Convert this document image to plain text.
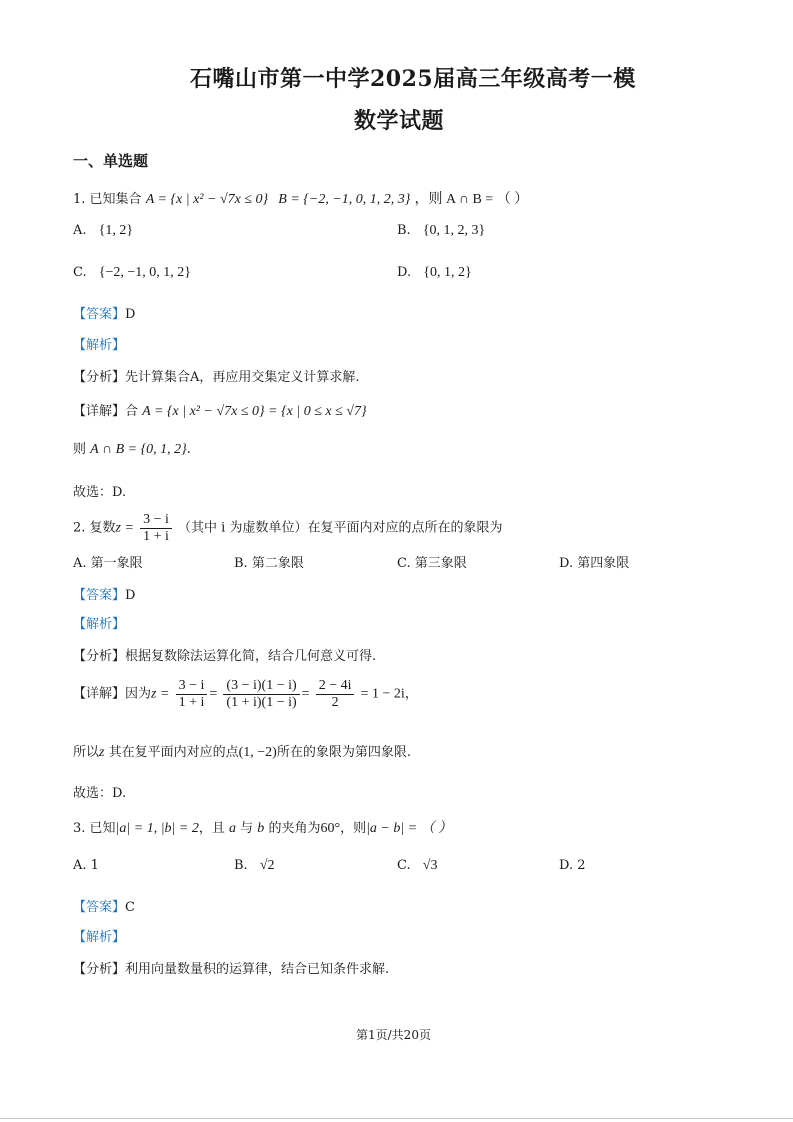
石嘴山市第一中学2025届高三年级高考一模
数学试题
一、单选题
1. 已知集合 A = {x | x² − √7x ≤ 0} B = {−2, −1, 0, 1, 2, 3} ，则 A ∩ B = （ ）
A. {1, 2}	B. {0, 1, 2, 3}
C. {−2, −1, 0, 1, 2}	D. {0, 1, 2}
【答案】D
【解析】
【分析】先计算集合A，再应用交集定义计算求解.
【详解】合 A = {x | x² − √7x ≤ 0} = {x | 0 ≤ x ≤ √7}
则 A ∩ B = {0, 1, 2}.
故选：D.
2. 复数$z = \frac{3 - i}{1 + i}$ （其中 i 为虚数单位）在复平面内对应的点所在的象限为
A. 第一象限	B. 第二象限	C. 第三象限	D. 第四象限
【答案】D
【解析】
【分析】根据复数除法运算化简，结合几何意义可得.
【详解】因为$z = \frac{3 - i}{1 + i} = \frac{(3 - i)(1 - i)}{(1 + i)(1 - i)} = \frac{2 - 4i}{2} = 1 - 2i$，
所以z 其在复平面内对应的点(1, −2)所在的象限为第四象限.
故选：D.
3. 已知|a| = 1, |b| = 2，且 a 与 b 的夹角为60°，则|a − b| = （ ）
A. 1	B. √2	C. √3	D. 2
【答案】C
【解析】
【分析】利用向量数量积的运算律，结合已知条件求解.
第1页/共20页
